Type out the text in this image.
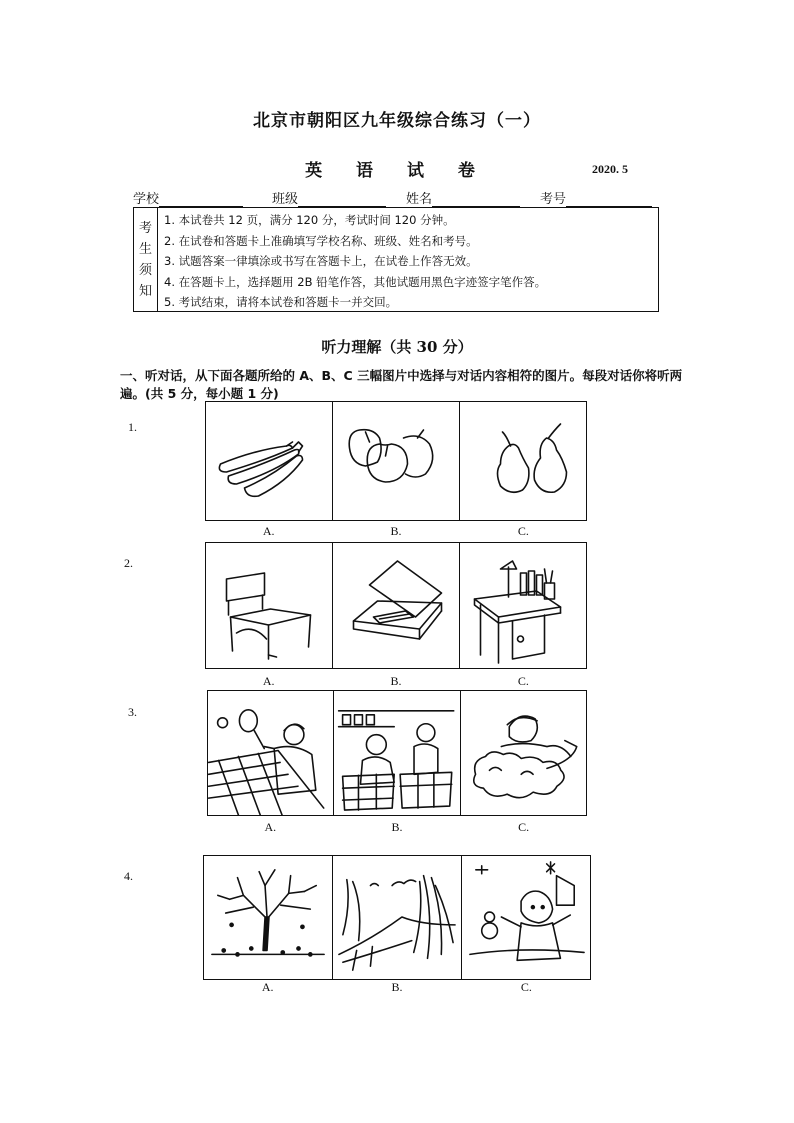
北京市朝阳区九年级综合练习（一）
英 语 试 卷	2020. 5
学校	班级	姓名	考号
考
生
须
知
1. 本试卷共 12 页，满分 120 分，考试时间 120 分钟。
2. 在试卷和答题卡上准确填写学校名称、班级、姓名和考号。
3. 试题答案一律填涂或书写在答题卡上，在试卷上作答无效。
4. 在答题卡上，选择题用 2B 铅笔作答，其他试题用黑色字迹签字笔作答。
5. 考试结束，请将本试卷和答题卡一并交回。
听力理解（共 30 分）
一、听对话，从下面各题所给的 A、B、C 三幅图片中选择与对话内容相符的图片。每段对话你将听两遍。(共 5 分，每小题 1 分)
1.
A.	B.	C.
2.
A.	B.	C.
3.
A.	B.	C.
4.
A.	B.	C.
